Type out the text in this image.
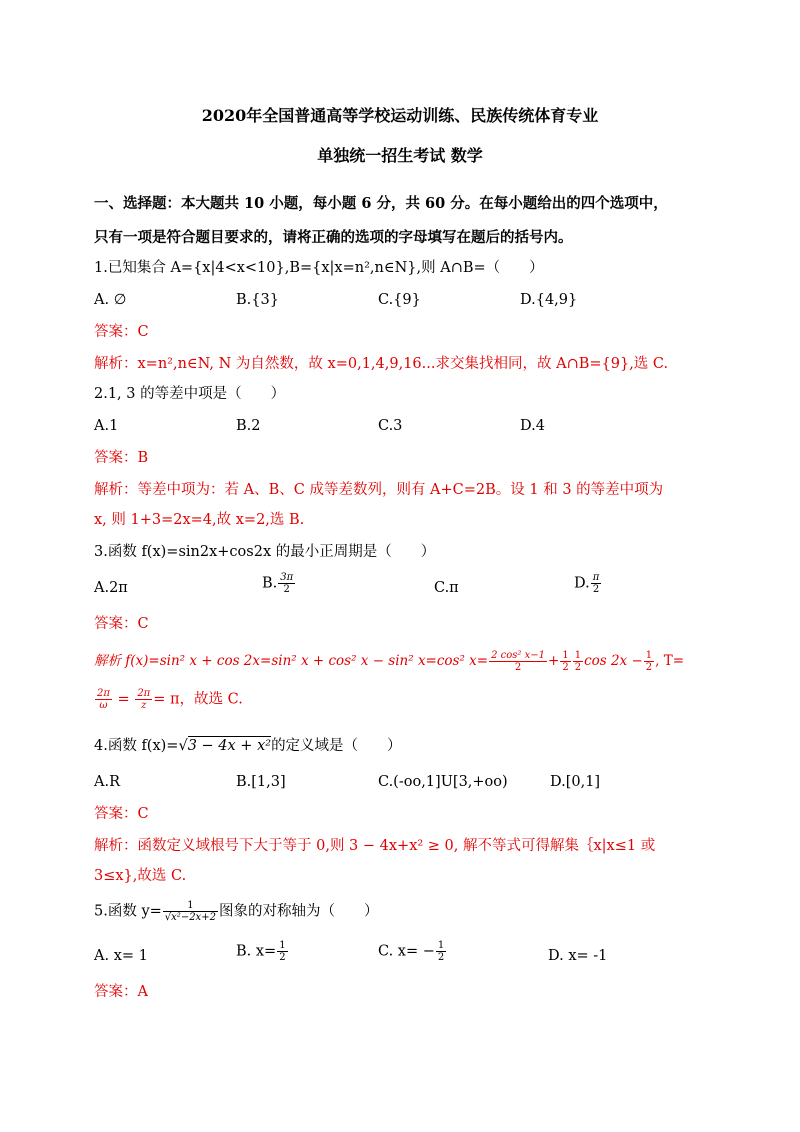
2020年全国普通高等学校运动训练、民族传统体育专业
单独统一招生考试 数学
一、选择题：本大题共 10 小题，每小题 6 分，共 60 分。在每小题给出的四个选项中，
只有一项是符合题目要求的，请将正确的选项的字母填写在题后的括号内。
1.已知集合 A={x|4<x<10},B={x|x=n²,n∈N},则 A∩B=（　　）
A. ∅	B.{3}	C.{9}	D.{4,9}
答案：C
解析：x=n²,n∈N, N 为自然数，故 x=0,1,4,9,16...求交集找相同，故 A∩B={9},选 C.
2.1, 3 的等差中项是（　　）
A.1	B.2	C.3	D.4
答案：B
解析：等差中项为：若 A、B、C 成等差数列，则有 A+C=2B。设 1 和 3 的等差中项为
x, 则 1+3=2x=4,故 x=2,选 B.
3.函数 f(x)=sin2x+cos2x 的最小正周期是（　　）
A.2π	B. $\frac{3\pi}{2}$	C.π	D. $\frac{\pi}{2}$
答案：C
解析 f(x)=sin² x + cos 2x=sin² x + cos² x − sin² x=cos² $x= \frac{\text{2 cos² x−1}}{2} + \frac{1}{2} \frac{1}{2}$ $\cos 2x - \frac{1}{2}$ , T=
$\frac{2\pi}{\omega} = \frac{2\pi}{z} = \pi$，故选 C.
4.函数 f(x)=√3 − 4x + x²的定义域是（　　）
A.R	B.[1,3]	C.(-oo,1]U[3,+oo)	D.[0,1]
答案：C
解析：函数定义域根号下大于等于 0,则 3 − 4x+x² ≥ 0, 解不等式可得解集｛x|x≤1 或
3≤x},故选 C.
5.函数 $y= \frac{1}{\text{√x²−2x+2}}$ 图象的对称轴为（　　）
A. x= 1	B. $x= \frac{1}{2}$	C. $x= - \frac{1}{2}$	D. x= -1
答案：A
